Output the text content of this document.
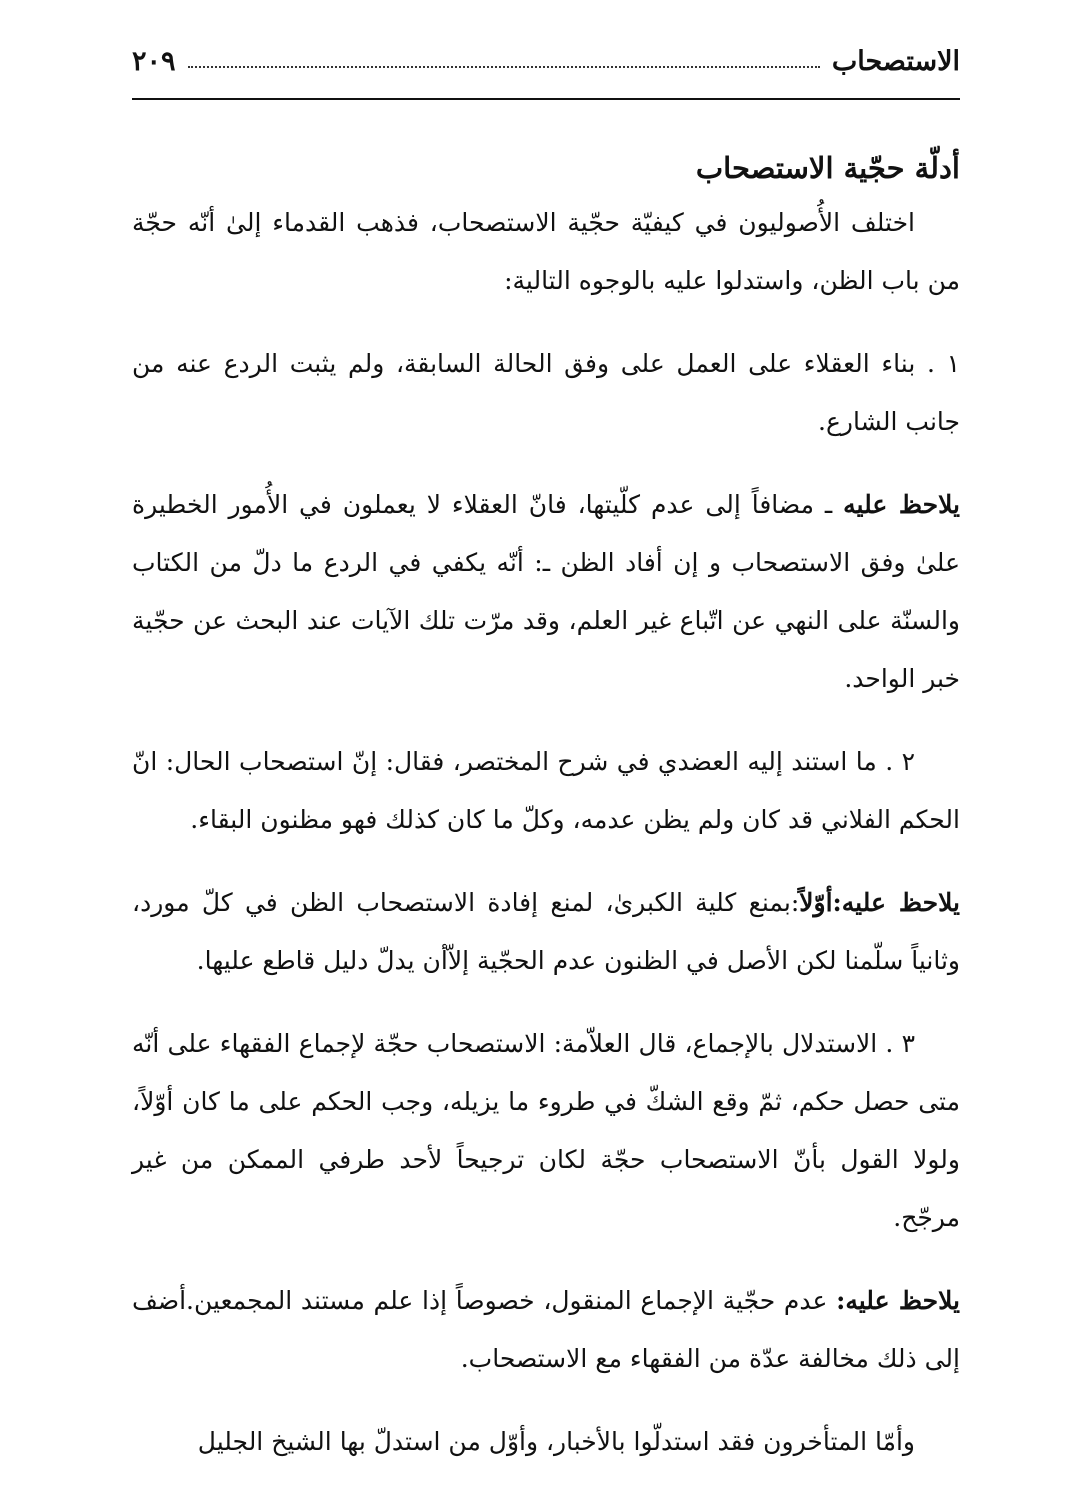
الاستصحاب
٢٠٩
أدلّة حجّية الاستصحاب

اختلف الأُصوليون في كيفيّة حجّية الاستصحاب، فذهب القدماء إلىٰ أنّه حجّة من باب الظن، واستدلوا عليه بالوجوه التالية:

١ . بناء العقلاء على العمل على وفق الحالة السابقة، ولم يثبت الردع عنه من جانب الشارع.

يلاحظ عليه ـ مضافاً إلى عدم كلّيتها، فانّ العقلاء لا يعملون في الأُمور الخطيرة علىٰ وفق الاستصحاب و إن أفاد الظن ـ: أنّه يكفي في الردع ما دلّ من الكتاب والسنّة على النهي عن اتّباع غير العلم، وقد مرّت تلك الآيات عند البحث عن حجّية خبر الواحد.

٢ . ما استند إليه العضدي في شرح المختصر، فقال: إنّ استصحاب الحال: انّ الحكم الفلاني قد كان ولم يظن عدمه، وكلّ ما كان كذلك فهو مظنون البقاء.

يلاحظ عليه:أوّلاً:بمنع كلية الكبرىٰ، لمنع إفادة الاستصحاب الظن في كلّ مورد، وثانياً سلّمنا لكن الأصل في الظنون عدم الحجّية إلاّأن يدلّ دليل قاطع عليها.

٣ . الاستدلال بالإجماع، قال العلاّمة: الاستصحاب حجّة لإجماع الفقهاء على أنّه متى حصل حكم، ثمّ وقع الشكّ في طروء ما يزيله، وجب الحكم على ما كان أوّلاً، ولولا القول بأنّ الاستصحاب حجّة لكان ترجيحاً لأحد طرفي الممكن من غير مرجّح.

يلاحظ عليه: عدم حجّية الإجماع المنقول، خصوصاً إذا علم مستند المجمعين.أضف إلى ذلك مخالفة عدّة من الفقهاء مع الاستصحاب.

وأمّا المتأخرون فقد استدلّوا بالأخبار، وأوّل من استدلّ بها الشيخ الجليل
